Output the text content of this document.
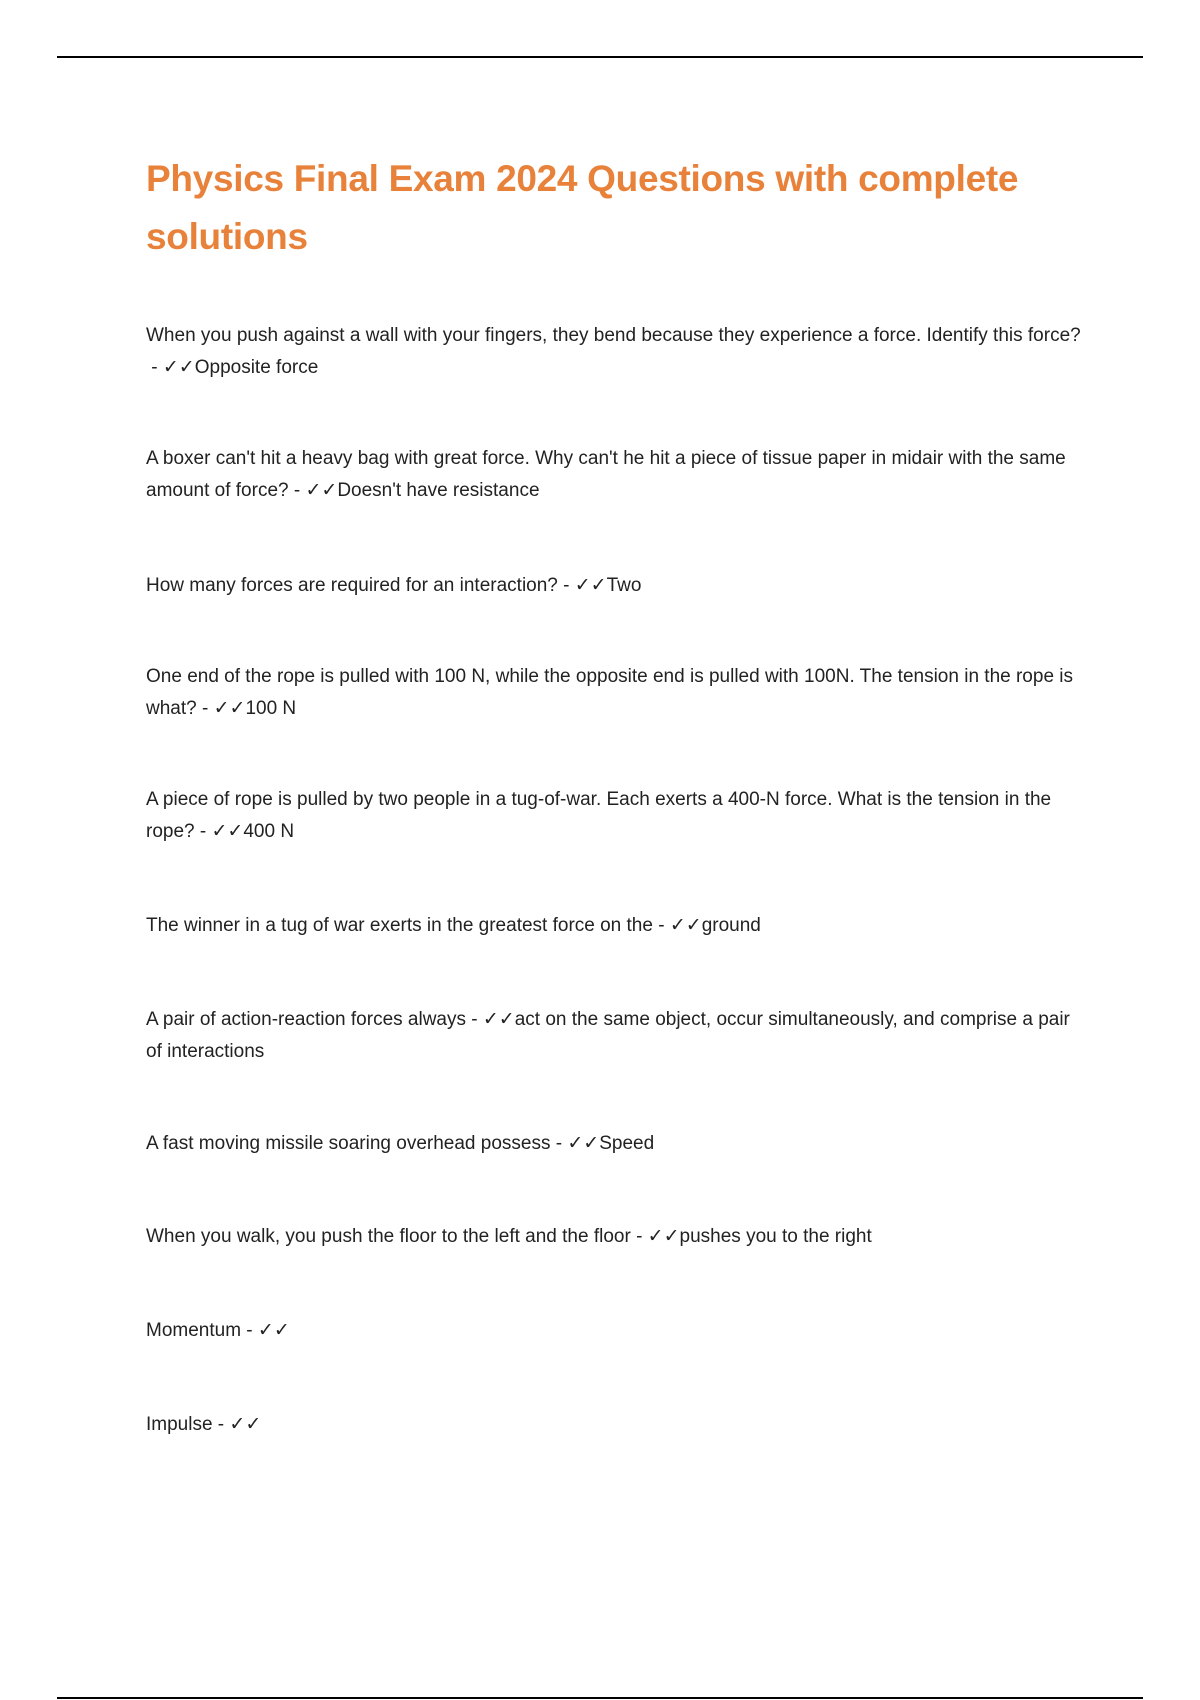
Physics Final Exam 2024 Questions with complete solutions
When you push against a wall with your fingers, they bend because they experience a force. Identify this force? - ✓✓Opposite force
A boxer can't hit a heavy bag with great force. Why can't he hit a piece of tissue paper in midair with the same amount of force? - ✓✓Doesn't have resistance
How many forces are required for an interaction? - ✓✓Two
One end of the rope is pulled with 100 N, while the opposite end is pulled with 100N. The tension in the rope is what? - ✓✓100 N
A piece of rope is pulled by two people in a tug-of-war. Each exerts a 400-N force. What is the tension in the rope? - ✓✓400 N
The winner in a tug of war exerts in the greatest force on the - ✓✓ground
A pair of action-reaction forces always - ✓✓act on the same object, occur simultaneously, and comprise a pair of interactions
A fast moving missile soaring overhead possess - ✓✓Speed
When you walk, you push the floor to the left and the floor - ✓✓pushes you to the right
Momentum - ✓✓
Impulse - ✓✓
